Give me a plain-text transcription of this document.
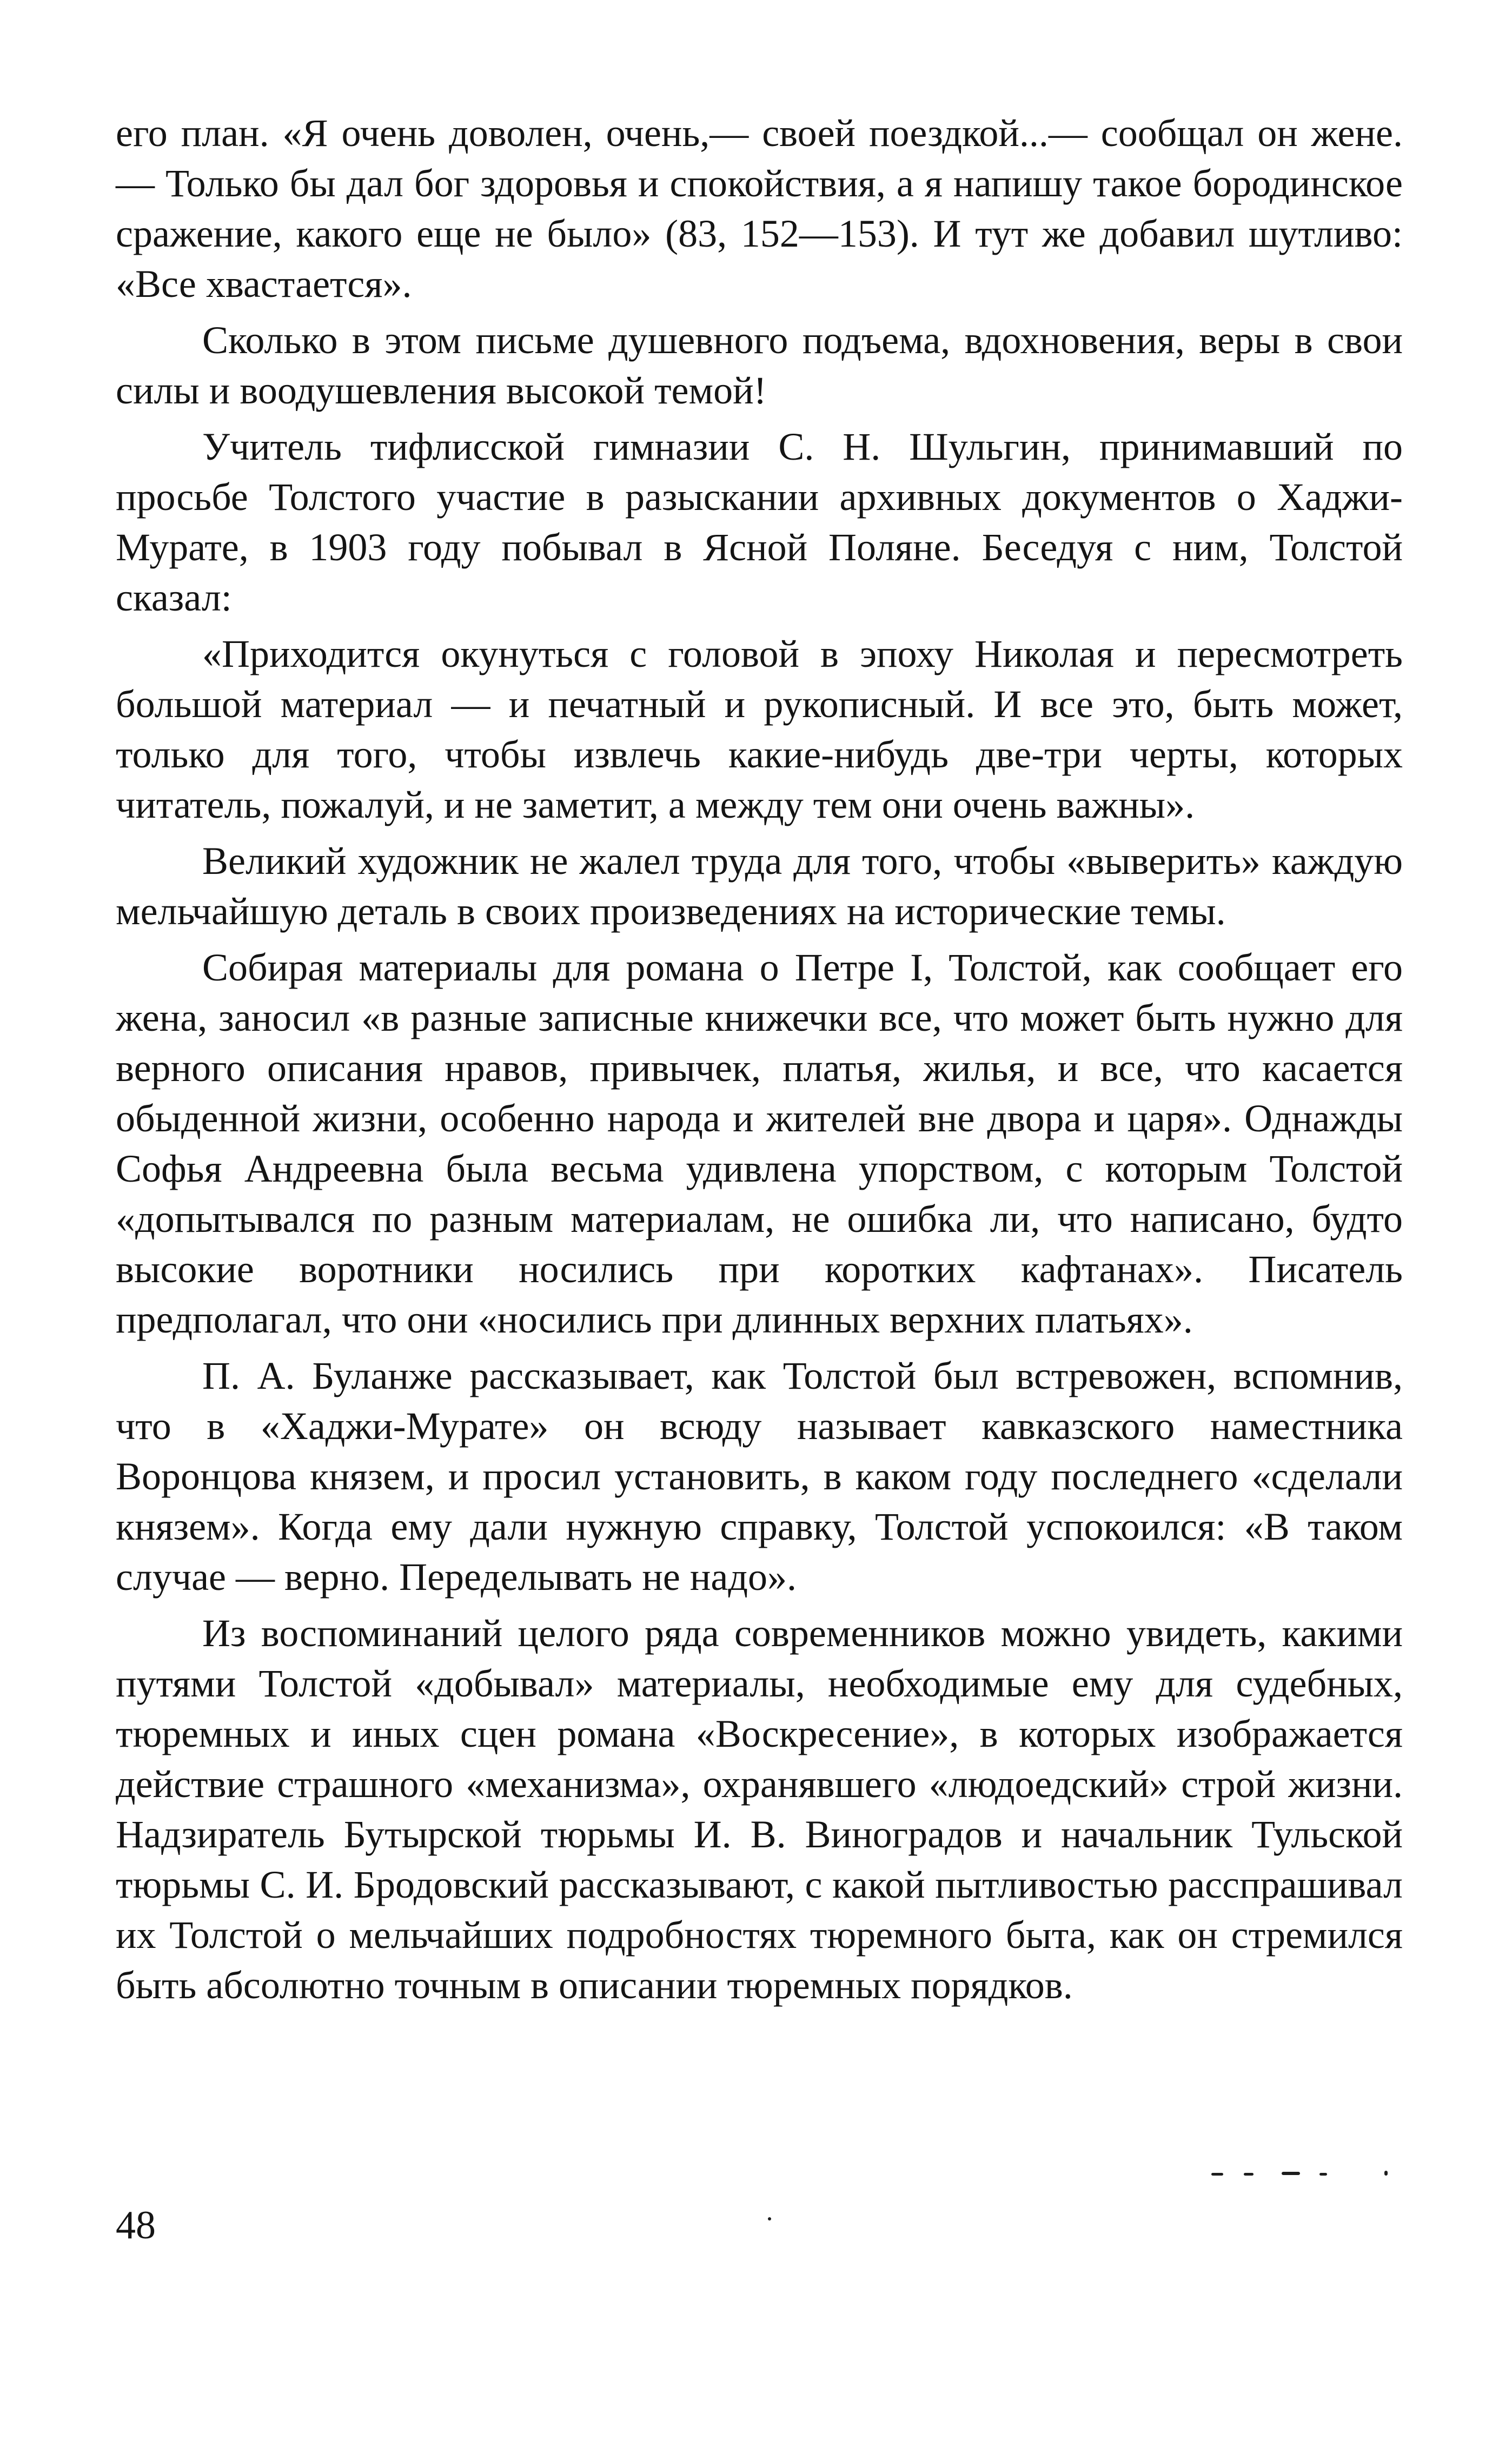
его план. «Я очень доволен, очень,— своей поездкой...— сообщал он жене.— Только бы дал бог здоровья и спокойствия, а я напишу такое бородинское сражение, какого еще не было» (83, 152—153). И тут же добавил шутливо: «Все хвастается».

Сколько в этом письме душевного подъема, вдохновения, веры в свои силы и воодушевления высокой темой!

Учитель тифлисской гимназии С. Н. Шульгин, принимавший по просьбе Толстого участие в разыскании архивных документов о Хаджи-Мурате, в 1903 году побывал в Ясной Поляне. Беседуя с ним, Толстой сказал:

«Приходится окунуться с головой в эпоху Николая и пересмотреть большой материал — и печатный и рукописный. И все это, быть может, только для того, чтобы извлечь какие-нибудь две-три черты, которых читатель, пожалуй, и не заметит, а между тем они очень важны».

Великий художник не жалел труда для того, чтобы «выверить» каждую мельчайшую деталь в своих произведениях на исторические темы.

Собирая материалы для романа о Петре I, Толстой, как сообщает его жена, заносил «в разные записные книжечки все, что может быть нужно для верного описания нравов, привычек, платья, жилья, и все, что касается обыденной жизни, особенно народа и жителей вне двора и царя». Однажды Софья Андреевна была весьма удивлена упорством, с которым Толстой «допытывался по разным материалам, не ошибка ли, что написано, будто высокие воротники носились при коротких кафтанах». Писатель предполагал, что они «носились при длинных верхних платьях».

П. А. Буланже рассказывает, как Толстой был встревожен, вспомнив, что в «Хаджи-Мурате» он всюду называет кавказского наместника Воронцова князем, и просил установить, в каком году последнего «сделали князем». Когда ему дали нужную справку, Толстой успокоился: «В таком случае — верно. Переделывать не надо».

Из воспоминаний целого ряда современников можно увидеть, какими путями Толстой «добывал» материалы, необходимые ему для судебных, тюремных и иных сцен романа «Воскресение», в которых изображается действие страшного «механизма», охранявшего «людоедский» строй жизни. Надзиратель Бутырской тюрьмы И. В. Виноградов и начальник Тульской тюрьмы С. И. Бродовский рассказывают, с какой пытливостью расспрашивал их Толстой о мельчайших подробностях тюремного быта, как он стремился быть абсолютно точным в описании тюремных порядков.

48
